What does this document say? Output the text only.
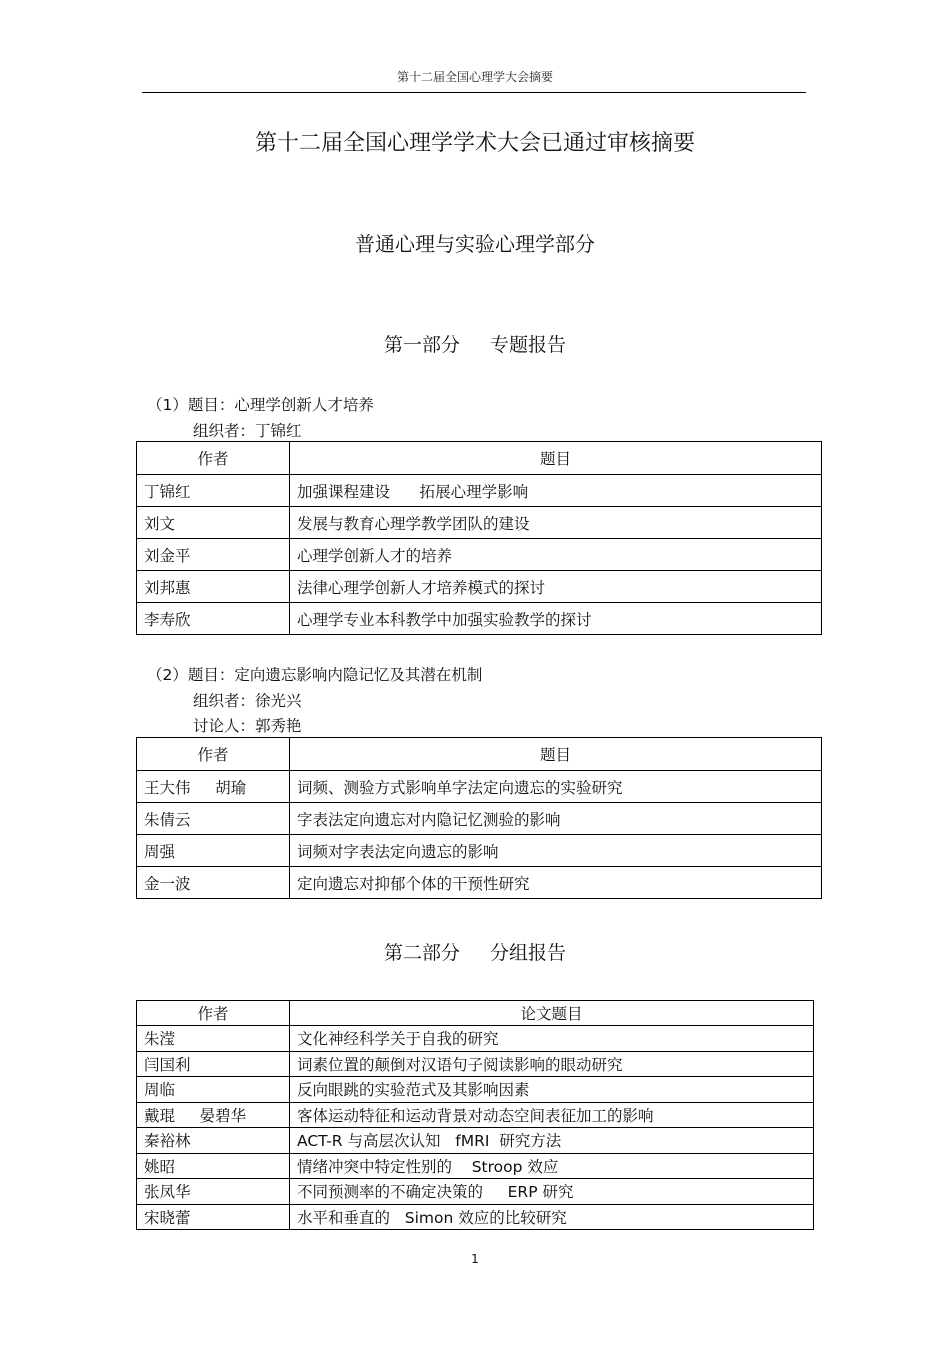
第十二届全国心理学大会摘要
第十二届全国心理学学术大会已通过审核摘要
普通心理与实验心理学部分
第一部分 专题报告
（1）题目：心理学创新人才培养
组织者：丁锦红
作者	题目
丁锦红	加强课程建设      拓展心理学影响
刘文	发展与教育心理学教学团队的建设
刘金平	心理学创新人才的培养
刘邦惠	法律心理学创新人才培养模式的探讨
李寿欣	心理学专业本科教学中加强实验教学的探讨
（2）题目：定向遗忘影响内隐记忆及其潜在机制
组织者：徐光兴
讨论人：郭秀艳
作者	题目
王大伟     胡瑜	词频、测验方式影响单字法定向遗忘的实验研究
朱倩云	字表法定向遗忘对内隐记忆测验的影响
周强	词频对字表法定向遗忘的影响
金一波	定向遗忘对抑郁个体的干预性研究
第二部分 分组报告
作者	论文题目
朱滢	文化神经科学关于自我的研究
闫国利	词素位置的颠倒对汉语句子阅读影响的眼动研究
周临	反向眼跳的实验范式及其影响因素
戴琨     晏碧华	客体运动特征和运动背景对动态空间表征加工的影响
秦裕林	ACT-R 与高层次认知   fMRI  研究方法
姚昭	情绪冲突中特定性别的    Stroop 效应
张凤华	不同预测率的不确定决策的     ERP 研究
宋晓蕾	水平和垂直的   Simon 效应的比较研究
1
